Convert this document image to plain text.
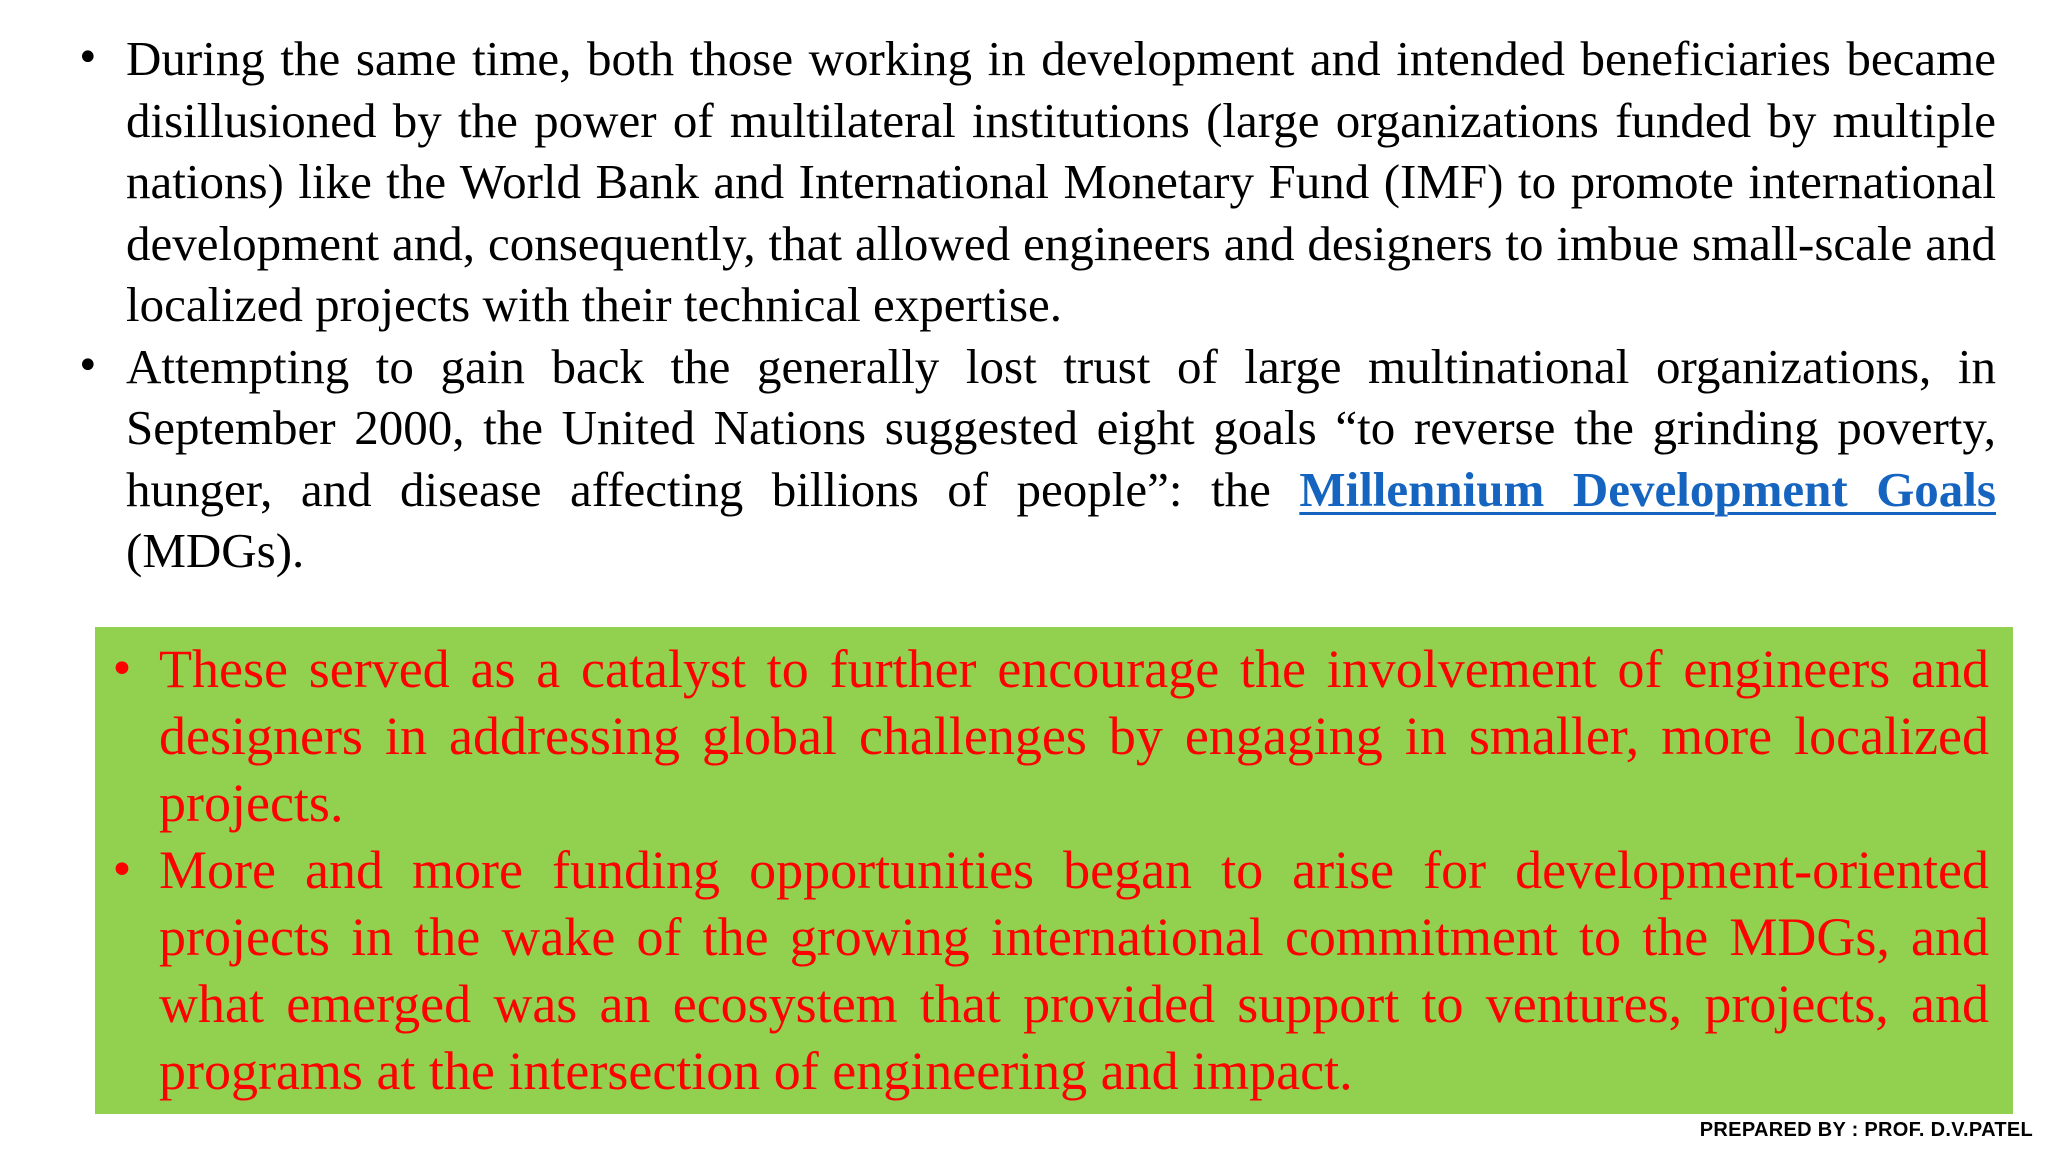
• During the same time, both those working in development and intended beneficiaries became disillusioned by the power of multilateral institutions (large organizations funded by multiple nations) like the World Bank and International Monetary Fund (IMF) to promote international development and, consequently, that allowed engineers and designers to imbue small-scale and localized projects with their technical expertise.
• Attempting to gain back the generally lost trust of large multinational organizations, in September 2000, the United Nations suggested eight goals “to reverse the grinding poverty, hunger, and disease affecting billions of people”: the Millennium Development Goals (MDGs).
• These served as a catalyst to further encourage the involvement of engineers and designers in addressing global challenges by engaging in smaller, more localized projects.
• More and more funding opportunities began to arise for development-oriented projects in the wake of the growing international commitment to the MDGs, and what emerged was an ecosystem that provided support to ventures, projects, and programs at the intersection of engineering and impact.
PREPARED BY : PROF. D.V.PATEL
